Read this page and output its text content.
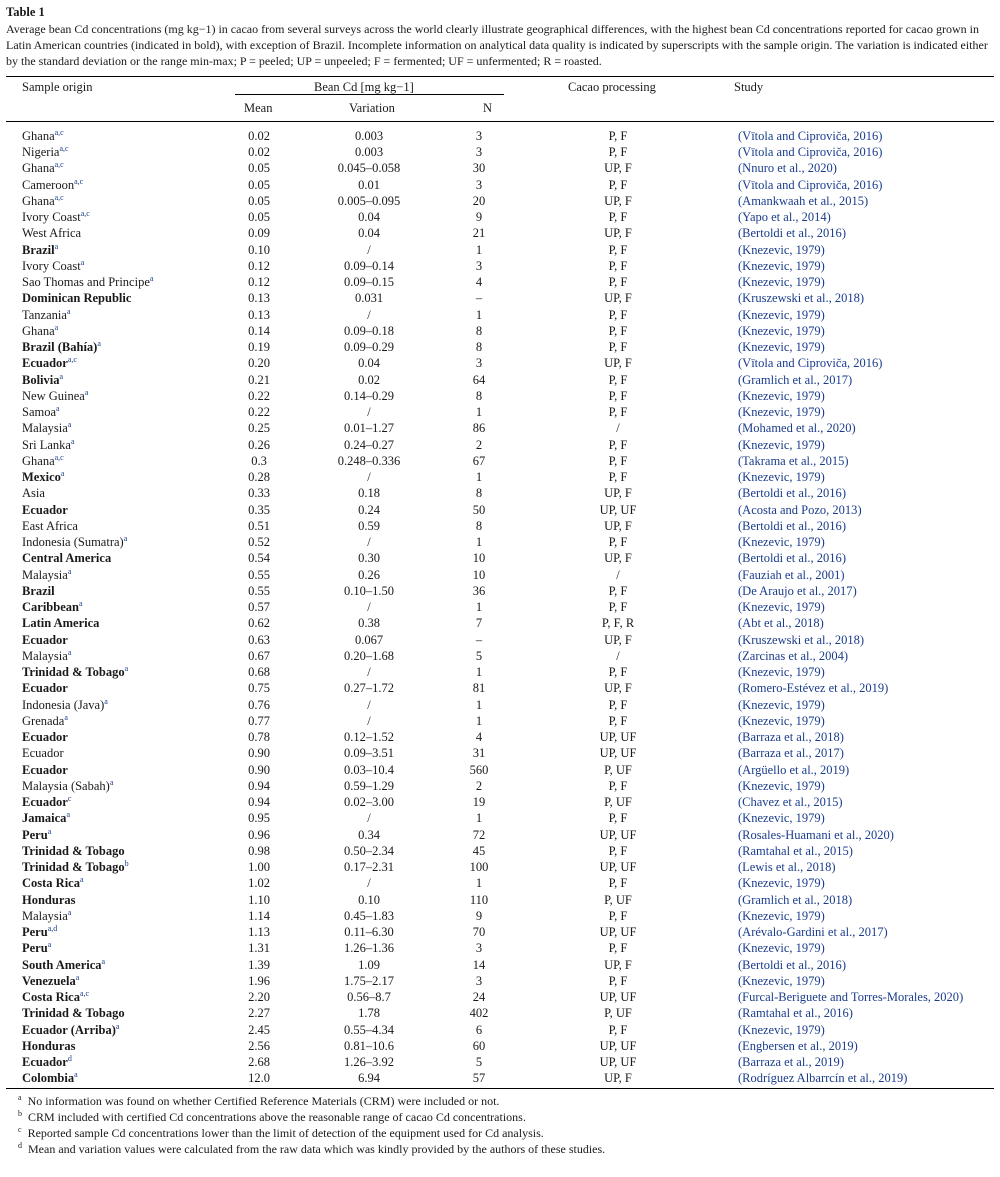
Table 1
Average bean Cd concentrations (mg kg−1) in cacao from several surveys across the world clearly illustrate geographical differences, with the highest bean Cd concentrations reported for cacao grown in Latin American countries (indicated in bold), with exception of Brazil. Incomplete information on analytical data quality is indicated by superscripts with the sample origin. The variation is indicated either by the standard deviation or the range min-max; P = peeled; UP = unpeeled; F = fermented; UF = unfermented; R = roasted.
Sample origin	Bean Cd [mg kg−1]
Mean	Variation	N
Cacao processing	Study
Ghana$^{a,c}$	0.02	0.003	3	P, F	(Vītola and Ciproviča, 2016)
Nigeria$^{a,c}$	0.02	0.003	3	P, F	(Vītola and Ciproviča, 2016)
Ghana$^{a,c}$	0.05	0.045–0.058	30	UP, F	(Nnuro et al., 2020)
Cameroon$^{a,c}$	0.05	0.01	3	P, F	(Vītola and Ciproviča, 2016)
Ghana$^{a,c}$	0.05	0.005–0.095	20	UP, F	(Amankwaah et al., 2015)
Ivory Coast$^{a,c}$	0.05	0.04	9	P, F	(Yapo et al., 2014)
West Africa	0.09	0.04	21	UP, F	(Bertoldi et al., 2016)
Brazil$^a$	0.10	/	1	P, F	(Knezevic, 1979)
Ivory Coast$^a$	0.12	0.09–0.14	3	P, F	(Knezevic, 1979)
Sao Thomas and Principe$^a$	0.12	0.09–0.15	4	P, F	(Knezevic, 1979)
Dominican Republic	0.13	0.031	–	UP, F	(Kruszewski et al., 2018)
Tanzania$^a$	0.13	/	1	P, F	(Knezevic, 1979)
Ghana$^a$	0.14	0.09–0.18	8	P, F	(Knezevic, 1979)
Brazil (Bahía)$^a$	0.19	0.09–0.29	8	P, F	(Knezevic, 1979)
Ecuador$^{a,c}$	0.20	0.04	3	UP, F	(Vītola and Ciproviča, 2016)
Bolivia$^a$	0.21	0.02	64	P, F	(Gramlich et al., 2017)
New Guinea$^a$	0.22	0.14–0.29	8	P, F	(Knezevic, 1979)
Samoa$^a$	0.22	/	1	P, F	(Knezevic, 1979)
Malaysia$^a$	0.25	0.01–1.27	86	/	(Mohamed et al., 2020)
Sri Lanka$^a$	0.26	0.24–0.27	2	P, F	(Knezevic, 1979)
Ghana$^{a,c}$	0.3	0.248–0.336	67	P, F	(Takrama et al., 2015)
Mexico$^a$	0.28	/	1	P, F	(Knezevic, 1979)
Asia	0.33	0.18	8	UP, F	(Bertoldi et al., 2016)
Ecuador	0.35	0.24	50	UP, UF	(Acosta and Pozo, 2013)
East Africa	0.51	0.59	8	UP, F	(Bertoldi et al., 2016)
Indonesia (Sumatra)$^a$	0.52	/	1	P, F	(Knezevic, 1979)
Central America	0.54	0.30	10	UP, F	(Bertoldi et al., 2016)
Malaysia$^a$	0.55	0.26	10	/	(Fauziah et al., 2001)
Brazil	0.55	0.10–1.50	36	P, F	(De Araujo et al., 2017)
Caribbean$^a$	0.57	/	1	P, F	(Knezevic, 1979)
Latin America	0.62	0.38	7	P, F, R	(Abt et al., 2018)
Ecuador	0.63	0.067	–	UP, F	(Kruszewski et al., 2018)
Malaysia$^a$	0.67	0.20–1.68	5	/	(Zarcinas et al., 2004)
Trinidad & Tobago$^a$	0.68	/	1	P, F	(Knezevic, 1979)
Ecuador	0.75	0.27–1.72	81	UP, F	(Romero-Estévez et al., 2019)
Indonesia (Java)$^a$	0.76	/	1	P, F	(Knezevic, 1979)
Grenada$^a$	0.77	/	1	P, F	(Knezevic, 1979)
Ecuador	0.78	0.12–1.52	4	UP, UF	(Barraza et al., 2018)
Ecuador	0.90	0.09–3.51	31	UP, UF	(Barraza et al., 2017)
Ecuador	0.90	0.03–10.4	560	P, UF	(Argüello et al., 2019)
Malaysia (Sabah)$^a$	0.94	0.59–1.29	2	P, F	(Knezevic, 1979)
Ecuador$^c$	0.94	0.02–3.00	19	P, UF	(Chavez et al., 2015)
Jamaica$^a$	0.95	/	1	P, F	(Knezevic, 1979)
Peru$^a$	0.96	0.34	72	UP, UF	(Rosales-Huamani et al., 2020)
Trinidad & Tobago	0.98	0.50–2.34	45	P, F	(Ramtahal et al., 2015)
Trinidad & Tobago$^b$	1.00	0.17–2.31	100	UP, UF	(Lewis et al., 2018)
Costa Rica$^a$	1.02	/	1	P, F	(Knezevic, 1979)
Honduras	1.10	0.10	110	P, UF	(Gramlich et al., 2018)
Malaysia$^a$	1.14	0.45–1.83	9	P, F	(Knezevic, 1979)
Peru$^{a,d}$	1.13	0.11–6.30	70	UP, UF	(Arévalo-Gardini et al., 2017)
Peru$^a$	1.31	1.26–1.36	3	P, F	(Knezevic, 1979)
South America$^a$	1.39	1.09	14	UP, F	(Bertoldi et al., 2016)
Venezuela$^a$	1.96	1.75–2.17	3	P, F	(Knezevic, 1979)
Costa Rica$^{a,c}$	2.20	0.56–8.7	24	UP, UF	(Furcal-Beriguete and Torres-Morales, 2020)
Trinidad & Tobago	2.27	1.78	402	P, UF	(Ramtahal et al., 2016)
Ecuador (Arriba)$^a$	2.45	0.55–4.34	6	P, F	(Knezevic, 1979)
Honduras	2.56	0.81–10.6	60	UP, UF	(Engbersen et al., 2019)
Ecuador$^d$	2.68	1.26–3.92	5	UP, UF	(Barraza et al., 2019)
Colombia$^a$	12.0	6.94	57	UP, F	(Rodríguez Albarrcín et al., 2019)
$^a$ No information was found on whether Certified Reference Materials (CRM) were included or not.
$^b$ CRM included with certified Cd concentrations above the reasonable range of cacao Cd concentrations.
$^c$ Reported sample Cd concentrations lower than the limit of detection of the equipment used for Cd analysis.
$^d$ Mean and variation values were calculated from the raw data which was kindly provided by the authors of these studies.
